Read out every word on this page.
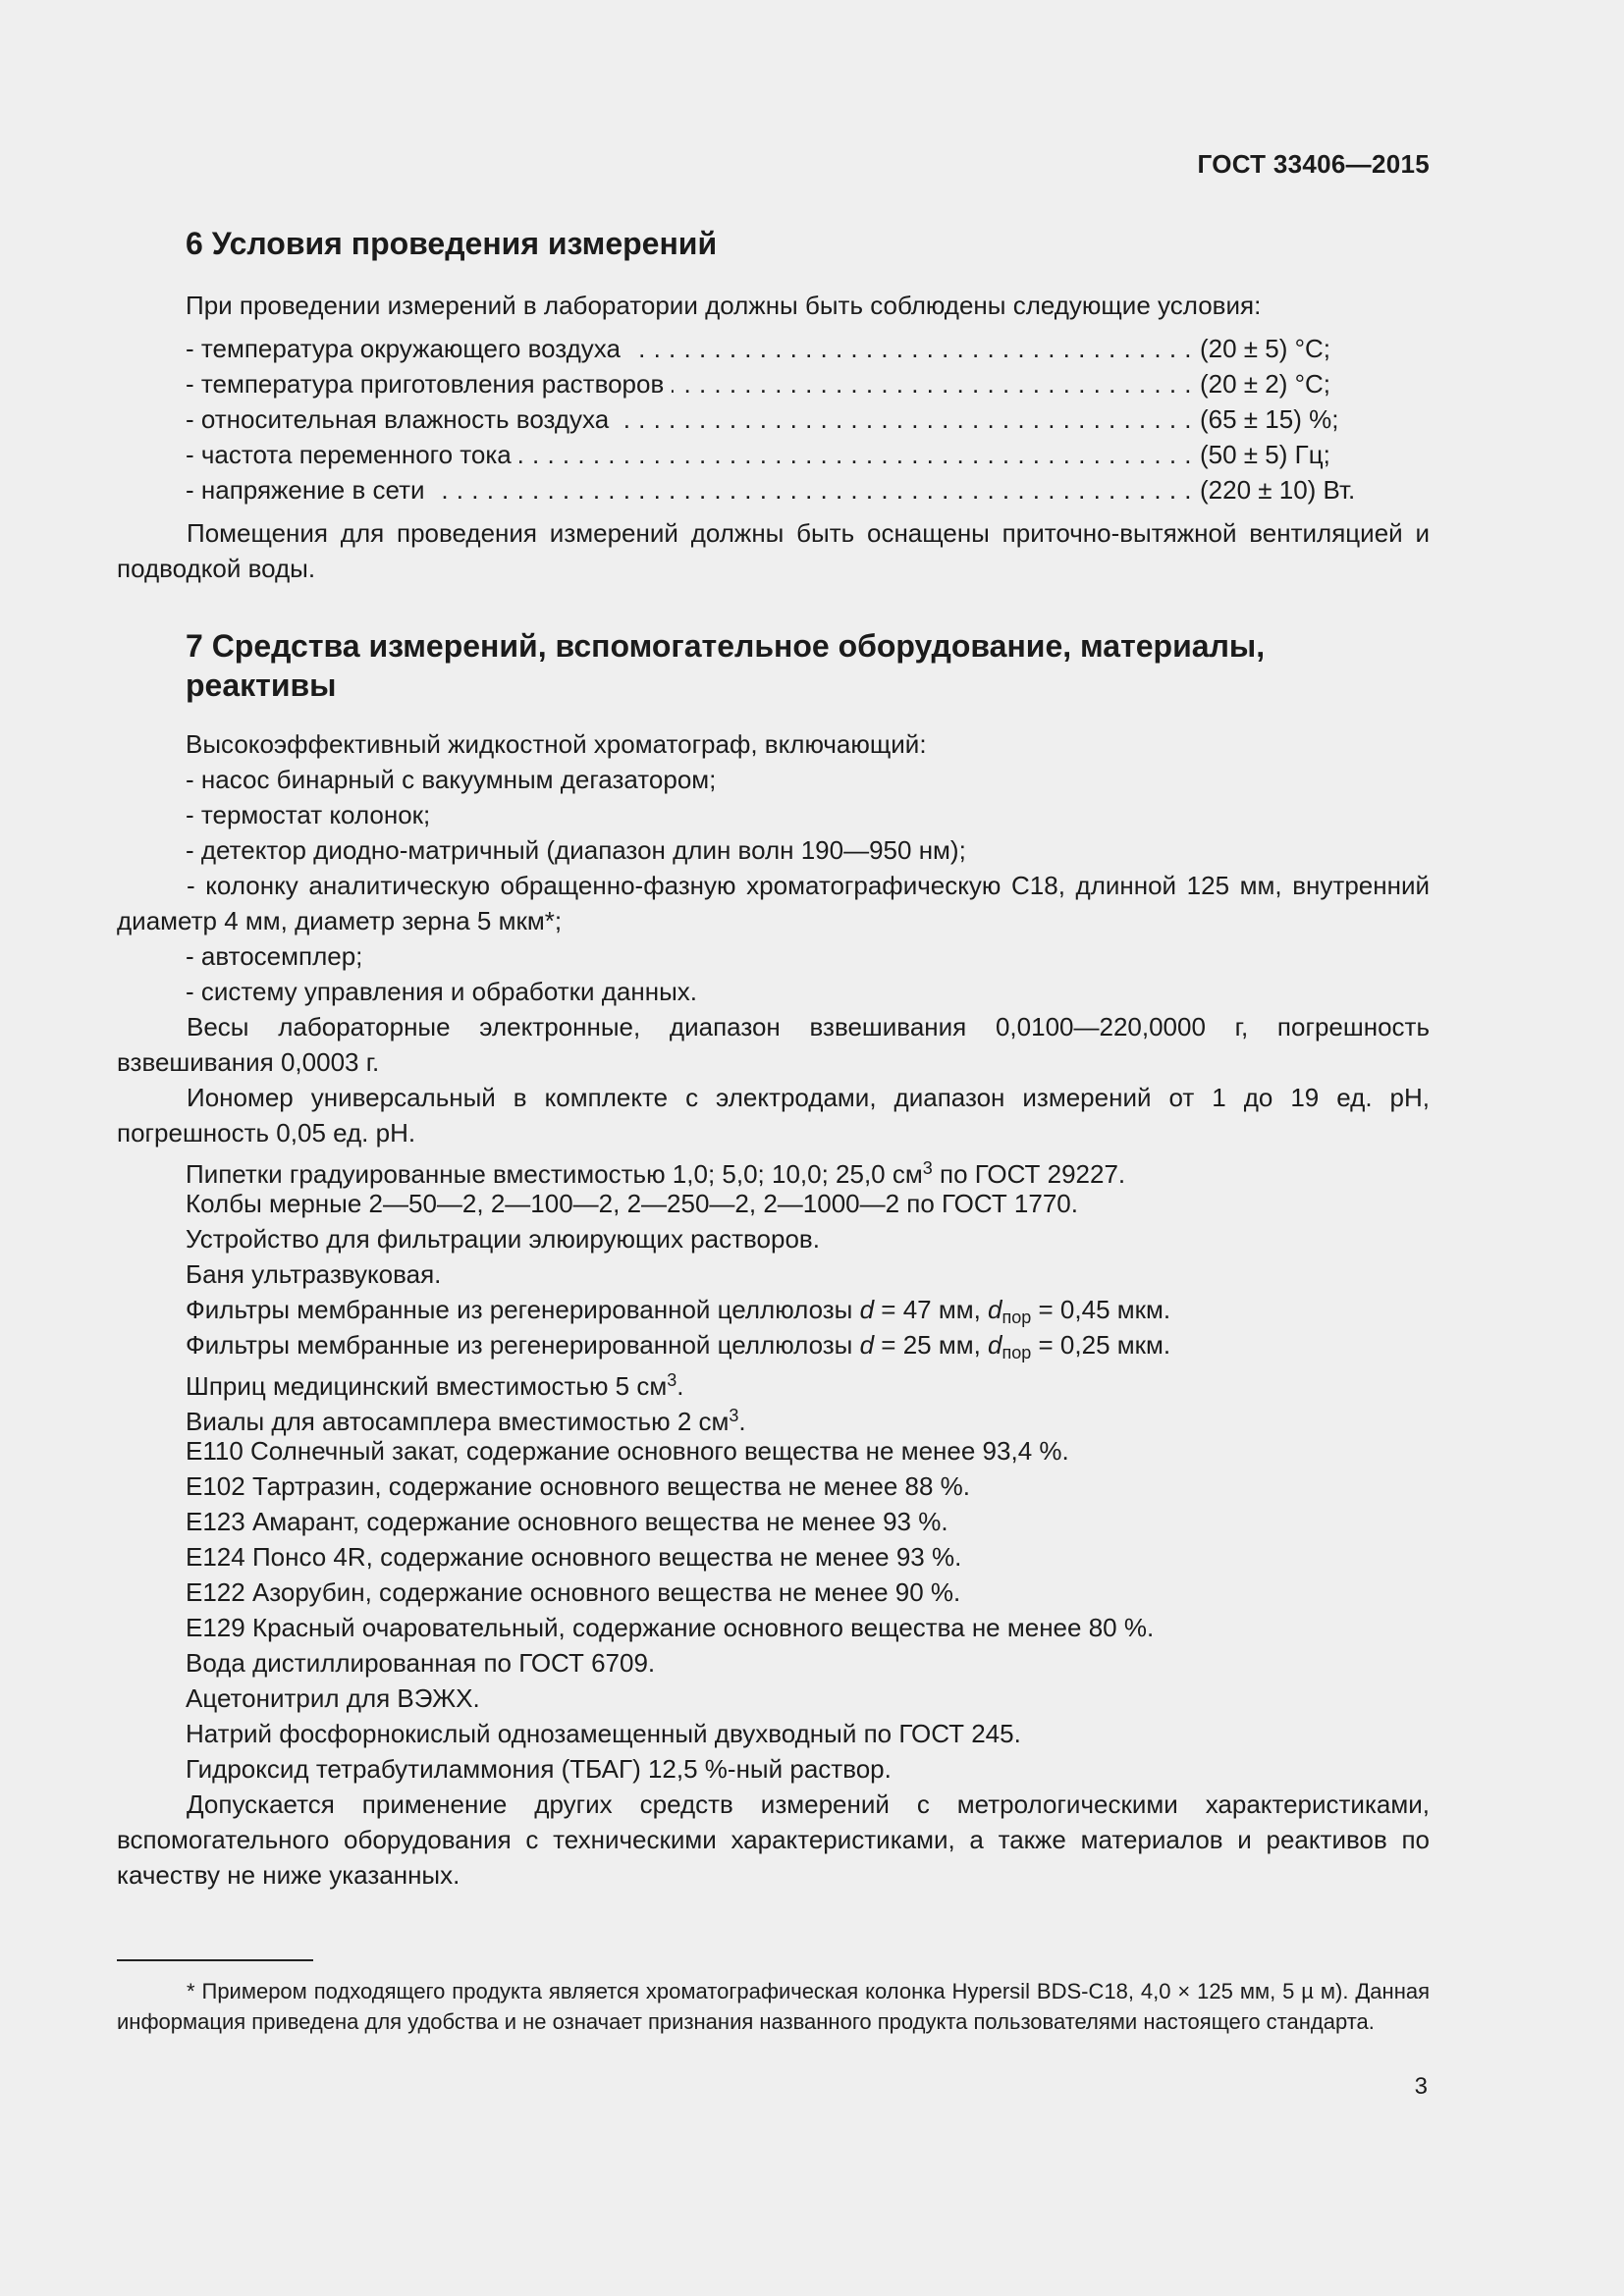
ГОСТ 33406—2015
6 Условия проведения измерений
При проведении измерений в лаборатории должны быть соблюдены следующие условия:
- температура окружающего воздуха . . .	(20 ± 5) °С;
- температура приготовления растворов . . .	(20 ± 2) °С;
- относительная влажность воздуха . . .	(65 ± 15) %;
- частота переменного тока . . .	(50 ± 5) Гц;
- напряжение в сети . . .	(220 ± 10) Вт.
Помещения для проведения измерений должны быть оснащены приточно-вытяжной вентиляцией и подводкой воды.
7 Средства измерений, вспомогательное оборудование, материалы,
реактивы
Высокоэффективный жидкостной хроматограф, включающий:
- насос бинарный с вакуумным дегазатором;
- термостат колонок;
- детектор диодно-матричный (диапазон длин волн 190—950 нм);
- колонку аналитическую обращенно-фазную хроматографическую С18, длинной 125 мм, внутренний диаметр 4 мм, диаметр зерна 5 мкм*;
- автосемплер;
- систему управления и обработки данных.
Весы лабораторные электронные, диапазон взвешивания 0,0100—220,0000 г, погрешность взвешивания 0,0003 г.
Иономер универсальный в комплекте с электродами, диапазон измерений от 1 до 19 ед. рН, погрешность 0,05 ед. рН.
Пипетки градуированные вместимостью 1,0; 5,0; 10,0; 25,0 $см^3$ по ГОСТ 29227.
Колбы мерные 2—50—2, 2—100—2, 2—250—2, 2—1000—2 по ГОСТ 1770.
Устройство для фильтрации элюирующих растворов.
Баня ультразвуковая.
Фильтры мембранные из регенерированной целлюлозы d = 47 мм, $d_{пор} = 0,45$ мкм.
Фильтры мембранные из регенерированной целлюлозы d = 25 мм, $d_{пор} = 0,25$ мкм.
Шприц медицинский вместимостью 5 $см^3$.
Виалы для автосамплера вместимостью 2 $см^3$.
Е110 Солнечный закат, содержание основного вещества не менее 93,4 %.
Е102 Тартразин, содержание основного вещества не менее 88 %.
Е123 Амарант, содержание основного вещества не менее 93 %.
Е124 Понсо 4R, содержание основного вещества не менее 93 %.
Е122 Азорубин, содержание основного вещества не менее 90 %.
Е129 Красный очаровательный, содержание основного вещества не менее 80 %.
Вода дистиллированная по ГОСТ 6709.
Ацетонитрил для ВЭЖХ.
Натрий фосфорнокислый однозамещенный двухводный по ГОСТ 245.
Гидроксид тетрабутиламмония (ТБАГ) 12,5 %-ный раствор.
Допускается применение других средств измерений с метрологическими характеристиками, вспомогательного оборудования с техническими характеристиками, а также материалов и реактивов по качеству не ниже указанных.
* Примером подходящего продукта является хроматографическая колонка Hypersil BDS-C18, 4,0 × 125 мм, 5 µ м). Данная информация приведена для удобства и не означает признания названного продукта пользователями настоящего стандарта.
3
